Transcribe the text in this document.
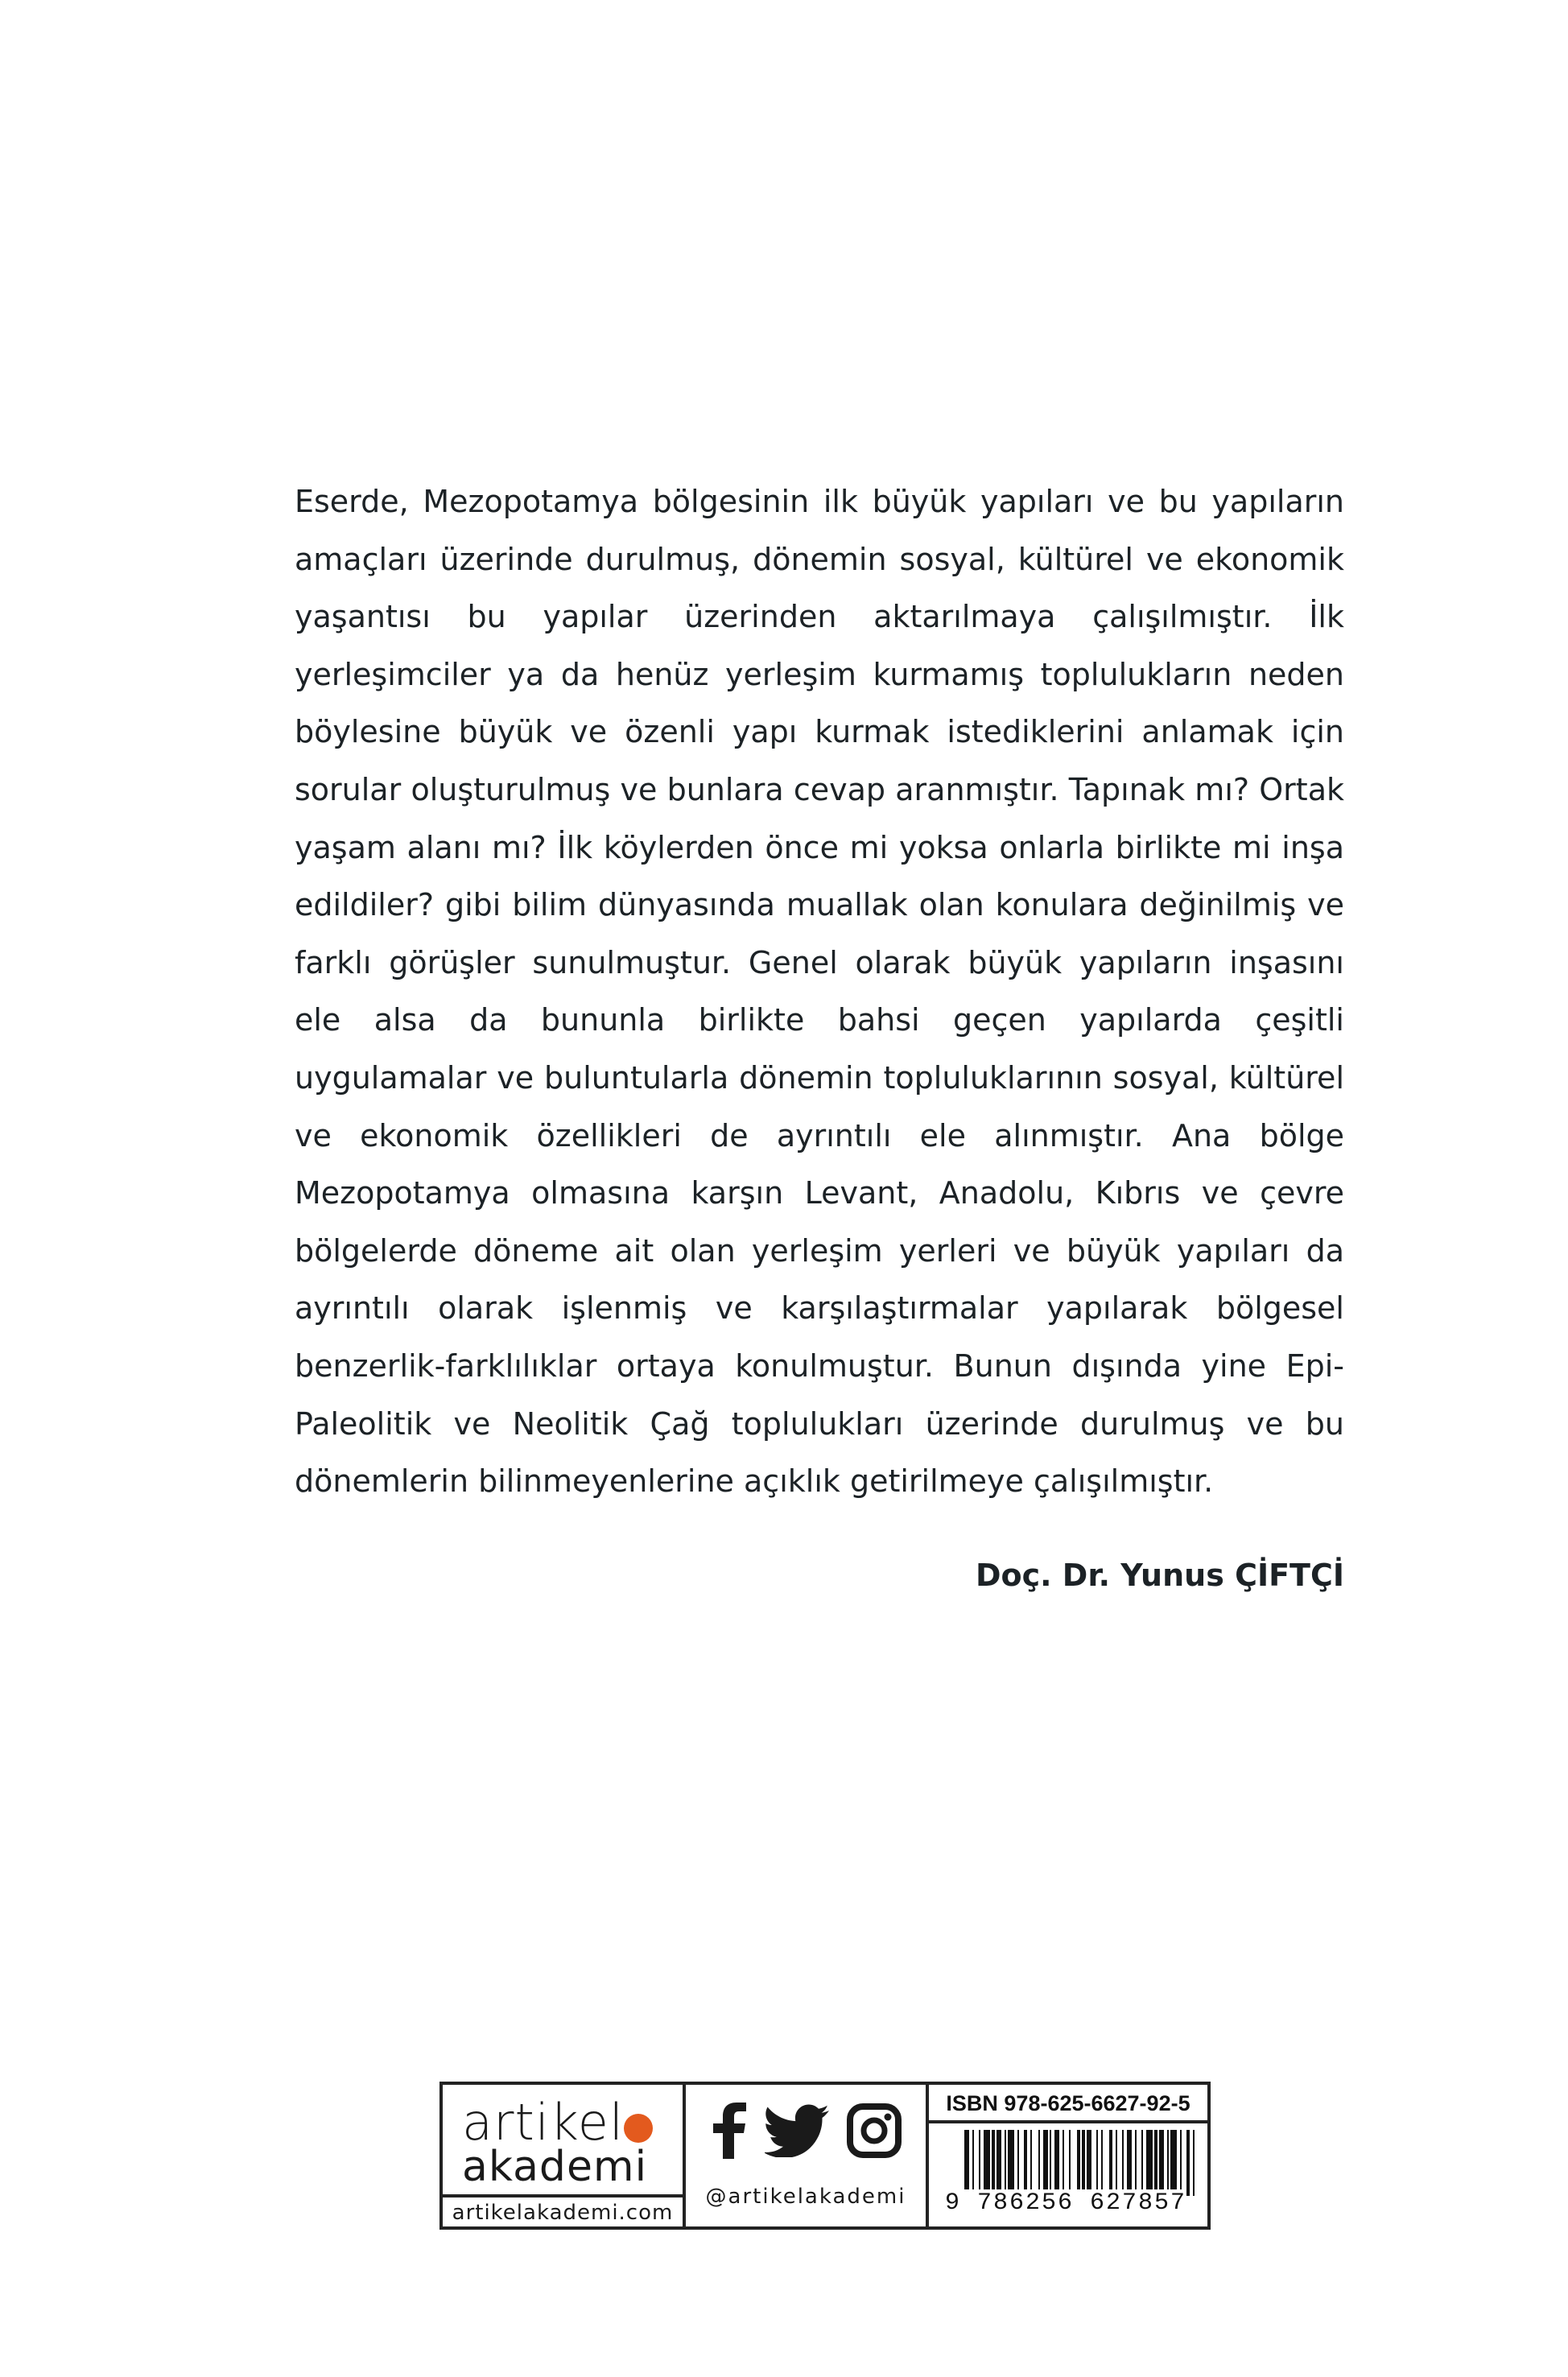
Eserde, Mezopotamya bölgesinin ilk büyük yapıları ve bu yapıların amaçları üzerinde durulmuş, dönemin sosyal, kültürel ve ekonomik yaşantısı bu yapılar üzerinden aktarılmaya çalışılmıştır. İlk yerleşimciler ya da henüz yerleşim kurmamış toplulukların neden böylesine büyük ve özenli yapı kurmak istediklerini anlamak için sorular oluşturulmuş ve bunlara cevap aranmıştır. Tapınak mı? Ortak yaşam alanı mı? İlk köylerden önce mi yoksa onlarla birlikte mi inşa edildiler? gibi bilim dünyasında muallak olan konulara değinilmiş ve farklı görüşler sunulmuştur. Genel olarak büyük yapıların inşasını ele alsa da bununla birlikte bahsi geçen yapılarda çeşitli uygulamalar ve buluntularla dönemin topluluklarının sosyal, kültürel ve ekonomik özellikleri de ayrıntılı ele alınmıştır. Ana bölge Mezopotamya olmasına karşın Levant, Anadolu, Kıbrıs ve çevre bölgelerde döneme ait olan yerleşim yerleri ve büyük yapıları da ayrıntılı olarak işlenmiş ve karşılaştırmalar yapılarak bölgesel benzerlik-farklılıklar ortaya konulmuştur. Bunun dışında yine Epi-Paleolitik ve Neolitik Çağ toplulukları üzerinde durulmuş ve bu dönemlerin bilinmeyenlerine açıklık getirilmeye çalışılmıştır.

Doç. Dr. Yunus ÇİFTÇİ
artikel
akademi
artikelakademi.com
@artikelakademi
ISBN 978-625-6627-92-5
9 786256 627857
